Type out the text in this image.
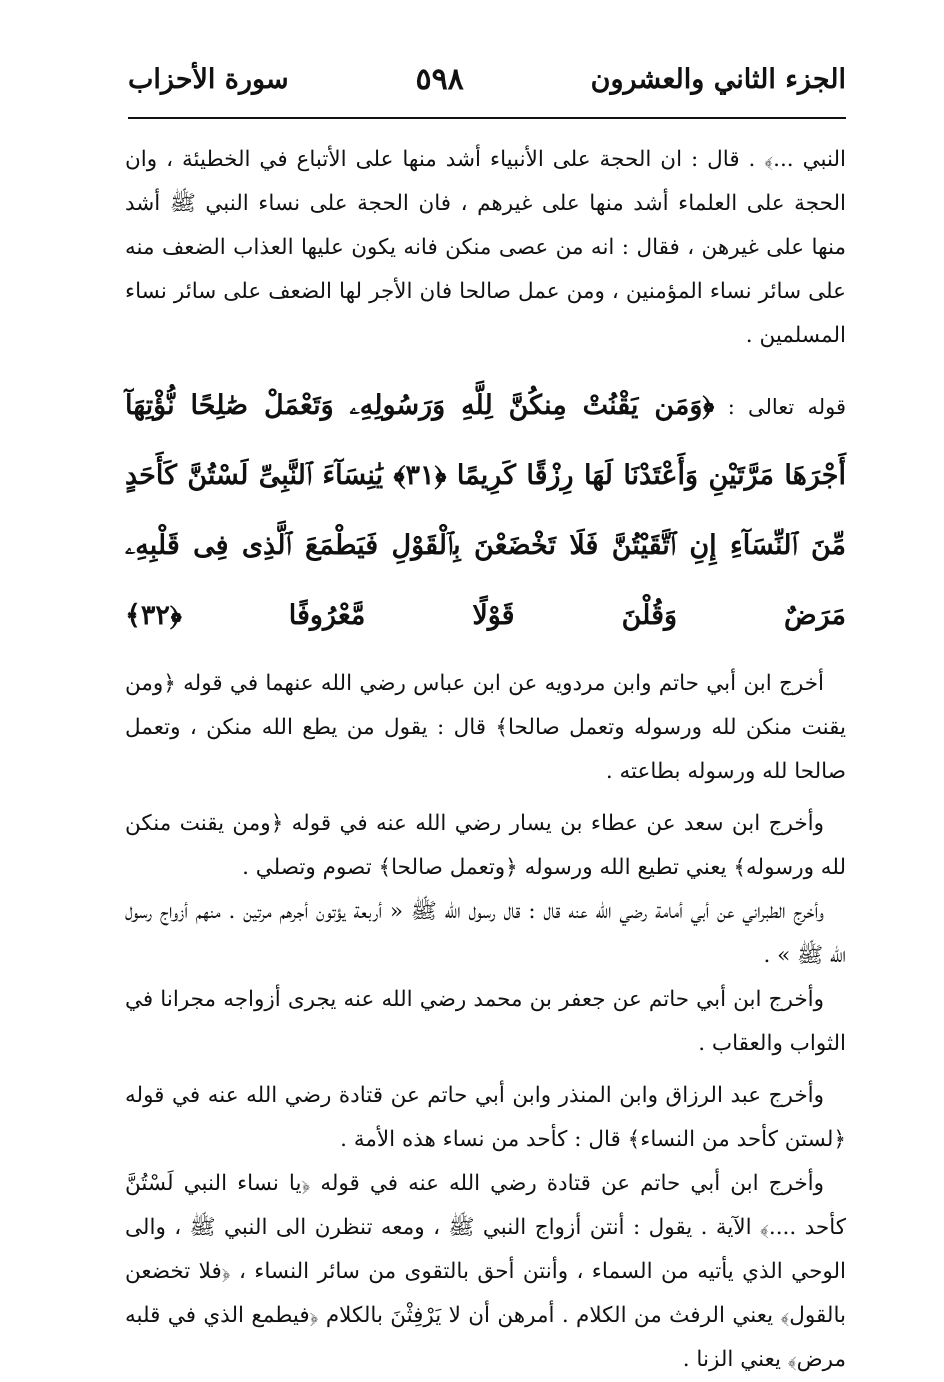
الجزء الثاني والعشرون
٥٩٨
سورة الأحزاب

النبي ...﴾ . قال : ان الحجة على الأنبياء أشد منها على الأتباع في الخطيئة ، وان الحجة على العلماء أشد منها على غيرهم ، فان الحجة على نساء النبي ﷺ أشد منها على غيرهن ، فقال : انه من عصى منكن فانه يكون عليها العذاب الضعف منه على سائر نساء المؤمنين ، ومن عمل صالحا فان الأجر لها الضعف على سائر نساء المسلمين .

قوله تعالى : ﴿وَمَن يَقْنُتْ مِنكُنَّ لِلَّهِ وَرَسُولِهِۦ وَتَعْمَلْ صَٰلِحًا نُّؤْتِهَآ أَجْرَهَا مَرَّتَيْنِ وَأَعْتَدْنَا لَهَا رِزْقًا كَرِيمًا ﴿٣١﴾ يَٰنِسَآءَ ٱلنَّبِىِّ لَسْتُنَّ كَأَحَدٍ مِّنَ ٱلنِّسَآءِ إِنِ ٱتَّقَيْتُنَّ فَلَا تَخْضَعْنَ بِٱلْقَوْلِ فَيَطْمَعَ ٱلَّذِى فِى قَلْبِهِۦ مَرَضٌ وَقُلْنَ قَوْلًا مَّعْرُوفًا ﴿٣٢﴾

أخرج ابن أبي حاتم وابن مردويه عن ابن عباس رضي الله عنهما في قوله ﴿ومن يقنت منكن لله ورسوله وتعمل صالحا﴾ قال : يقول من يطع الله منكن ، وتعمل صالحا لله ورسوله بطاعته .

وأخرج ابن سعد عن عطاء بن يسار رضي الله عنه في قوله ﴿ومن يقنت منكن لله ورسوله﴾ يعني تطيع الله ورسوله ﴿وتعمل صالحا﴾ تصوم وتصلي .

وأخرج الطبراني عن أبي أمامة رضي الله عنه قال : قال رسول الله ﷺ « أربعة يؤتون أجرهم مرتين . منهم أزواج رسول الله ﷺ » .

وأخرج ابن أبي حاتم عن جعفر بن محمد رضي الله عنه يجرى أزواجه مجرانا في الثواب والعقاب .

وأخرج عبد الرزاق وابن المنذر وابن أبي حاتم عن قتادة رضي الله عنه في قوله ﴿لستن كأحد من النساء﴾ قال : كأحد من نساء هذه الأمة .

وأخرج ابن أبي حاتم عن قتادة رضي الله عنه في قوله ﴿يا نساء النبي لَسْتُنَّ كأحد ....﴾ الآية . يقول : أنتن أزواج النبي ﷺ ، ومعه تنظرن الى النبي ﷺ ، والى الوحي الذي يأتيه من السماء ، وأنتن أحق بالتقوى من سائر النساء ، ﴿فلا تخضعن بالقول﴾ يعني الرفث من الكلام . أمرهن أن لا يَرْفِثْنَ بالكلام ﴿فيطمع الذي في قلبه مرض﴾ يعني الزنا .
